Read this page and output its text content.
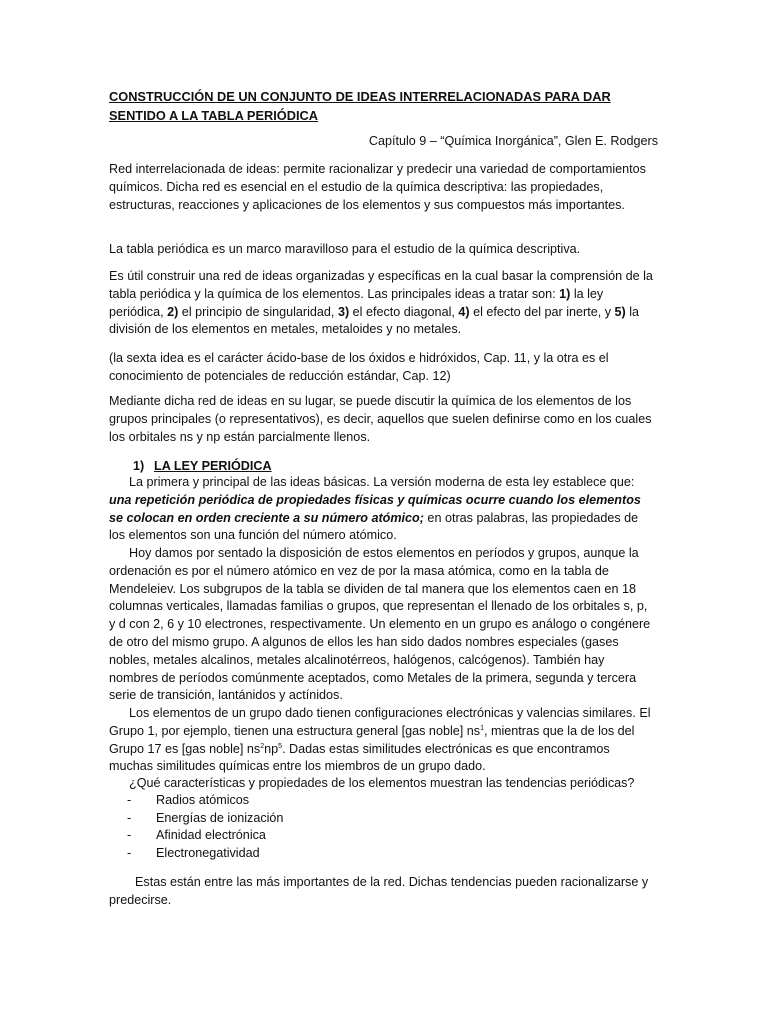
CONSTRUCCIÓN DE UN CONJUNTO DE IDEAS INTERRELACIONADAS PARA DAR
SENTIDO A LA TABLA PERIÓDICA

Capítulo 9 – “Química Inorgánica”, Glen E. Rodgers

Red interrelacionada de ideas: permite racionalizar y predecir una variedad de comportamientos químicos. Dicha red es esencial en el estudio de la química descriptiva: las propiedades, estructuras, reacciones y aplicaciones de los elementos y sus compuestos más importantes.

La tabla periódica es un marco maravilloso para el estudio de la química descriptiva.

Es útil construir una red de ideas organizadas y específicas en la cual basar la comprensión de la tabla periódica y la química de los elementos. Las principales ideas a tratar son: 1) la ley periódica, 2) el principio de singularidad, 3) el efecto diagonal, 4) el efecto del par inerte, y 5) la división de los elementos en metales, metaloides y no metales.

(la sexta idea es el carácter ácido-base de los óxidos e hidróxidos, Cap. 11, y la otra es el conocimiento de potenciales de reducción estándar, Cap. 12)

Mediante dicha red de ideas en su lugar, se puede discutir la química de los elementos de los grupos principales (o representativos), es decir, aquellos que suelen definirse como en los cuales los orbitales ns y np están parcialmente llenos.

1) LA LEY PERIÓDICA

La primera y principal de las ideas básicas. La versión moderna de esta ley establece que: una repetición periódica de propiedades físicas y químicas ocurre cuando los elementos se colocan en orden creciente a su número atómico; en otras palabras, las propiedades de los elementos son una función del número atómico.

Hoy damos por sentado la disposición de estos elementos en períodos y grupos, aunque la ordenación es por el número atómico en vez de por la masa atómica, como en la tabla de Mendeleiev. Los subgrupos de la tabla se dividen de tal manera que los elementos caen en 18 columnas verticales, llamadas familias o grupos, que representan el llenado de los orbitales s, p, y d con 2, 6 y 10 electrones, respectivamente. Un elemento en un grupo es análogo o congénere de otro del mismo grupo. A algunos de ellos les han sido dados nombres especiales (gases nobles, metales alcalinos, metales alcalinotérreos, halógenos, calcógenos). También hay nombres de períodos comúnmente aceptados, como Metales de la primera, segunda y tercera serie de transición, lantánidos y actínidos.

Los elementos de un grupo dado tienen configuraciones electrónicas y valencias similares. El Grupo 1, por ejemplo, tienen una estructura general [gas noble] $ns^1$, mientras que la de los del Grupo 17 es [gas noble] $ns^2np^5$. Dadas estas similitudes electrónicas es que encontramos muchas similitudes químicas entre los miembros de un grupo dado.

¿Qué características y propiedades de los elementos muestran las tendencias periódicas?

- Radios atómicos
- Energías de ionización
- Afinidad electrónica
- Electronegatividad

Estas están entre las más importantes de la red. Dichas tendencias pueden racionalizarse y predecirse.
